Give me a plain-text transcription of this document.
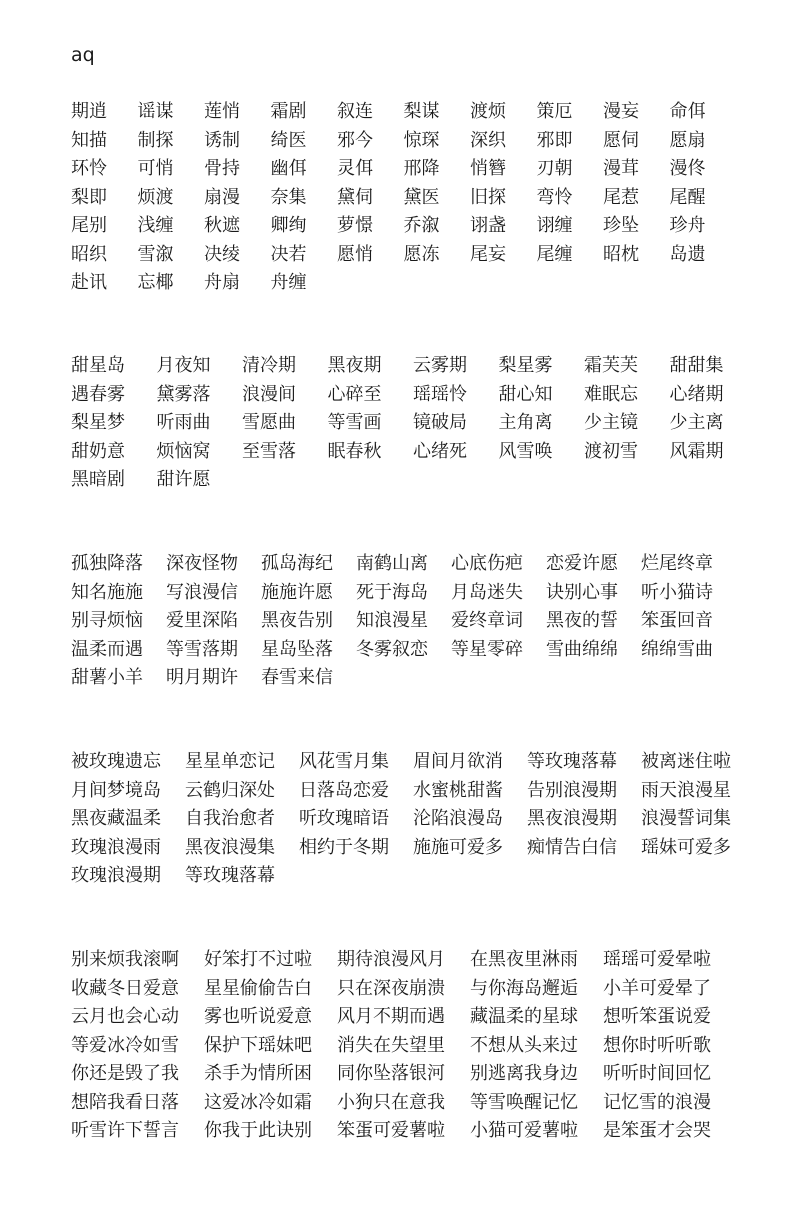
aq
期逍	谣谋	莲悄	霜剧	叙连	梨谋	渡烦	策厄	漫妄	命佴
知描	制探	诱制	绮医	邪今	惊琛	深织	邪即	愿伺	愿扇
环怜	可悄	骨持	幽佴	灵佴	邢降	悄簪	刃朝	漫茸	漫佟
梨即	烦渡	扇漫	奈集	黛伺	黛医	旧探	弯怜	尾惹	尾醒
尾别	浅缠	秋遮	卿绚	萝憬	乔溆	诩盏	诩缠	珍坠	珍舟
昭织	雪溆	决绫	决若	愿悄	愿冻	尾妄	尾缠	昭枕	岛遗
赴讯	忘椰	舟扇	舟缠
甜星岛	月夜知	清冷期	黑夜期	云雾期	梨星雾	霜芙芙	甜甜集
遇春雾	黛雾落	浪漫间	心碎至	瑶瑶怜	甜心知	难眠忘	心绪期
梨星梦	听雨曲	雪愿曲	等雪画	镜破局	主角离	少主镜	少主离
甜奶意	烦恼窝	至雪落	眠春秋	心绪死	风雪唤	渡初雪	风霜期
黑暗剧	甜许愿
孤独降落	深夜怪物	孤岛海纪	南鹤山离	心底伤疤	恋爱许愿	烂尾终章
知名施施	写浪漫信	施施许愿	死于海岛	月岛迷失	诀别心事	听小猫诗
别寻烦恼	爱里深陷	黑夜告别	知浪漫星	爱终章词	黑夜的誓	笨蛋回音
温柔而遇	等雪落期	星岛坠落	冬雾叙恋	等星零碎	雪曲绵绵	绵绵雪曲
甜薯小羊	明月期许	春雪来信
被玫瑰遗忘	星星单恋记	风花雪月集	眉间月欲消	等玫瑰落幕	被离迷住啦
月间梦境岛	云鹤归深处	日落岛恋爱	水蜜桃甜酱	告别浪漫期	雨天浪漫星
黑夜藏温柔	自我治愈者	听玫瑰暗语	沦陷浪漫岛	黑夜浪漫期	浪漫誓词集
玫瑰浪漫雨	黑夜浪漫集	相约于冬期	施施可爱多	痴情告白信	瑶妹可爱多
玫瑰浪漫期	等玫瑰落幕
别来烦我滚啊	好笨打不过啦	期待浪漫风月	在黑夜里淋雨	瑶瑶可爱晕啦
收藏冬日爱意	星星偷偷告白	只在深夜崩溃	与你海岛邂逅	小羊可爱晕了
云月也会心动	雾也听说爱意	风月不期而遇	藏温柔的星球	想听笨蛋说爱
等爱冰冷如雪	保护下瑶妹吧	消失在失望里	不想从头来过	想你时听听歌
你还是毁了我	杀手为情所困	同你坠落银河	别逃离我身边	听听时间回忆
想陪我看日落	这爱冰冷如霜	小狗只在意我	等雪唤醒记忆	记忆雪的浪漫
听雪许下誓言	你我于此诀别	笨蛋可爱薯啦	小猫可爱薯啦	是笨蛋才会哭
